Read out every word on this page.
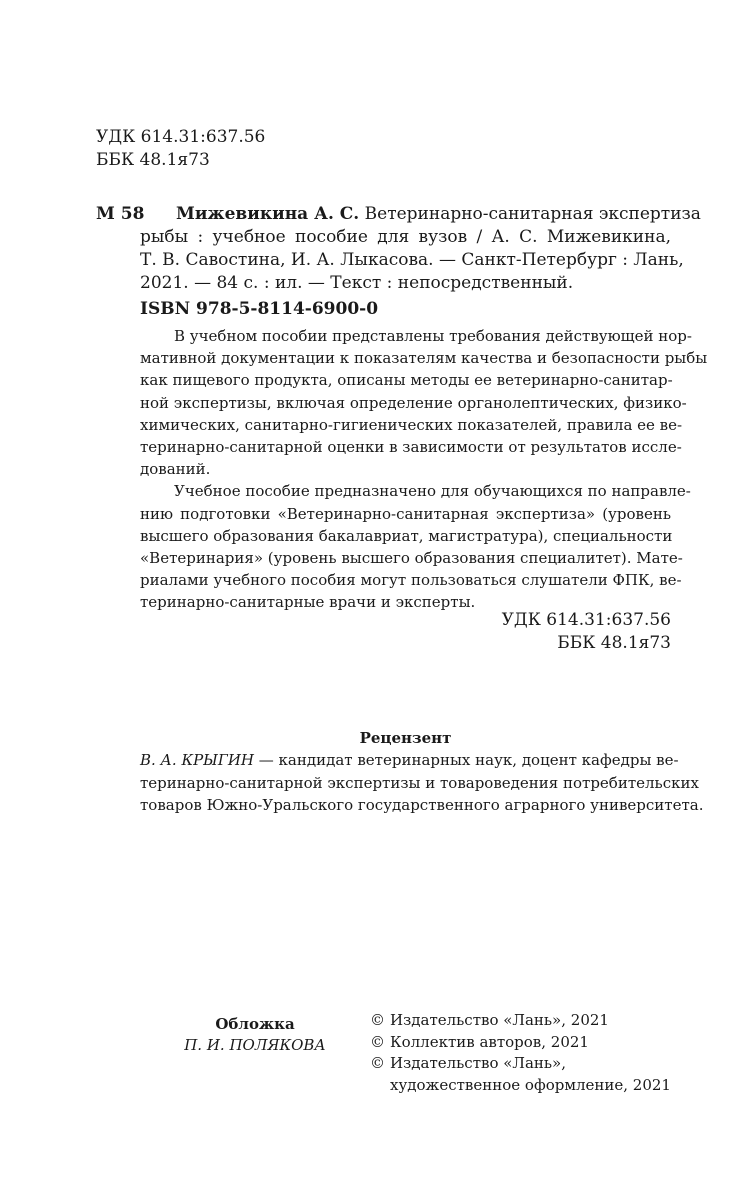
УДК 614.31:637.56
ББК 48.1я73
М 58 Мижевикина А. С. Ветеринарно-санитарная экспертиза
рыбы : учебное пособие для вузов / А. С. Мижевикина,
Т. В. Савостина, И. А. Лыкасова. — Санкт-Петербург : Лань,
2021. — 84 с. : ил. — Текст : непосредственный.
ISBN 978-5-8114-6900-0
В учебном пособии представлены требования действующей нор-
мативной документации к показателям качества и безопасности рыбы
как пищевого продукта, описаны методы ее ветеринарно-санитар-
ной экспертизы, включая определение органолептических, физико-
химических, санитарно-гигиенических показателей, правила ее ве-
теринарно-санитарной оценки в зависимости от результатов иссле-
дований.
Учебное пособие предназначено для обучающихся по направле-
нию подготовки «Ветеринарно-санитарная экспертиза» (уровень
высшего образования бакалавриат, магистратура), специальности
«Ветеринария» (уровень высшего образования специалитет). Мате-
риалами учебного пособия могут пользоваться слушатели ФПК, ве-
теринарно-санитарные врачи и эксперты.
УДК 614.31:637.56
ББК 48.1я73
Рецензент
В. А. КРЫГИН — кандидат ветеринарных наук, доцент кафедры ве-
теринарно-санитарной экспертизы и товароведения потребительских
товаров Южно-Уральского государственного аграрного университета.
Обложка
П. И. ПОЛЯКОВА
© Издательство «Лань», 2021
© Коллектив авторов, 2021
© Издательство «Лань»,
художественное оформление, 2021
